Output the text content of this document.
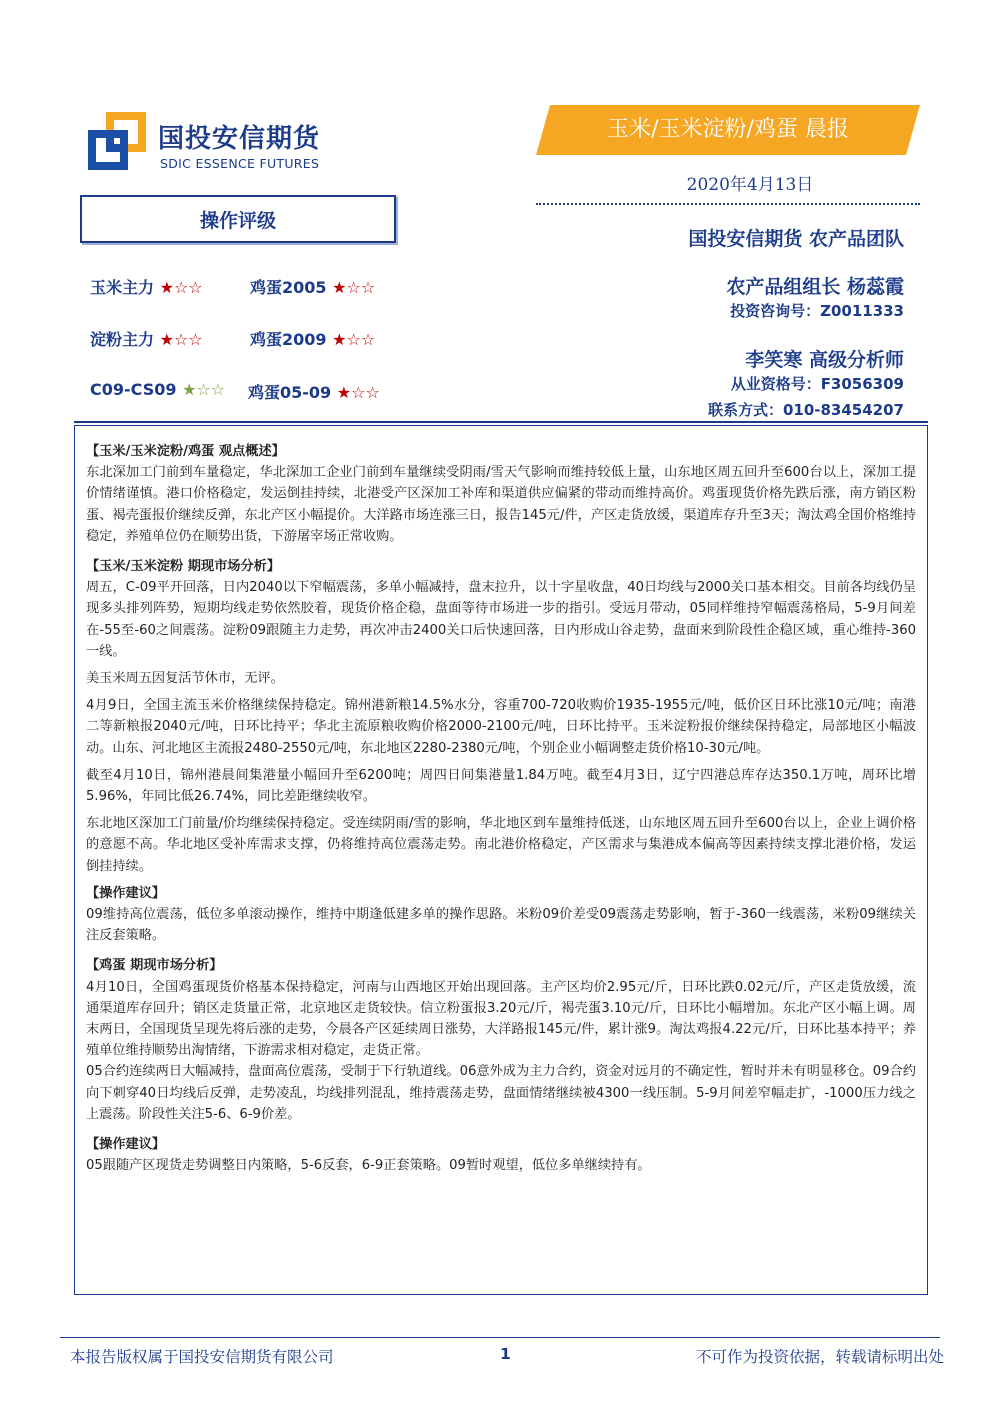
国投安信期货
SDIC ESSENCE FUTURES
玉米/玉米淀粉/鸡蛋 晨报
2020年4月13日
操作评级
玉米主力 ★☆☆	鸡蛋2005 ★☆☆
淀粉主力 ★☆☆	鸡蛋2009 ★☆☆
C09-CS09 ★☆☆ 鸡蛋05-09 ★☆☆
国投安信期货 农产品团队
农产品组组长 杨蕊霞
投资咨询号：Z0011333
李笑寒 高级分析师
从业资格号：F3056309
联系方式：010-83454207

【玉米/玉米淀粉/鸡蛋 观点概述】

东北深加工门前到车量稳定，华北深加工企业门前到车量继续受阴雨/雪天气影响而维持较低上量，山东地区周五回升至600台以上，深加工提价情绪谨慎。港口价格稳定，发运倒挂持续，北港受产区深加工补库和渠道供应偏紧的带动而维持高价。鸡蛋现货价格先跌后涨，南方销区粉蛋、褐壳蛋报价继续反弹，东北产区小幅提价。大洋路市场连涨三日，报告145元/件，产区走货放缓，渠道库存升至3天；淘汰鸡全国价格维持稳定，养殖单位仍在顺势出货，下游屠宰场正常收购。

【玉米/玉米淀粉 期现市场分析】

周五，C-09平开回落，日内2040以下窄幅震荡，多单小幅减持，盘末拉升，以十字星收盘，40日均线与2000关口基本相交。目前各均线仍呈现多头排列阵势，短期均线走势依然胶着，现货价格企稳，盘面等待市场进一步的指引。受远月带动，05同样维持窄幅震荡格局，5-9月间差在-55至-60之间震荡。淀粉09跟随主力走势，再次冲击2400关口后快速回落，日内形成山谷走势，盘面来到阶段性企稳区域，重心维持-360一线。

美玉米周五因复活节休市，无评。

4月9日，全国主流玉米价格继续保持稳定。锦州港新粮14.5%水分，容重700-720收购价1935-1955元/吨，低价区日环比涨10元/吨；南港二等新粮报2040元/吨，日环比持平；华北主流原粮收购价格2000-2100元/吨，日环比持平。玉米淀粉报价继续保持稳定，局部地区小幅波动。山东、河北地区主流报2480-2550元/吨，东北地区2280-2380元/吨，个别企业小幅调整走货价格10-30元/吨。

截至4月10日，锦州港晨间集港量小幅回升至6200吨；周四日间集港量1.84万吨。截至4月3日，辽宁四港总库存达350.1万吨，周环比增5.96%，年同比低26.74%，同比差距继续收窄。

东北地区深加工门前量/价均继续保持稳定。受连续阴雨/雪的影响，华北地区到车量维持低迷，山东地区周五回升至600台以上，企业上调价格的意愿不高。华北地区受补库需求支撑，仍将维持高位震荡走势。南北港价格稳定，产区需求与集港成本偏高等因素持续支撑北港价格，发运倒挂持续。

【操作建议】

09维持高位震荡，低位多单滚动操作，维持中期逢低建多单的操作思路。米粉09价差受09震荡走势影响，暂于-360一线震荡，米粉09继续关注反套策略。

【鸡蛋 期现市场分析】

4月10日，全国鸡蛋现货价格基本保持稳定，河南与山西地区开始出现回落。主产区均价2.95元/斤，日环比跌0.02元/斤，产区走货放缓，流通渠道库存回升；销区走货量正常，北京地区走货较快。信立粉蛋报3.20元/斤，褐壳蛋3.10元/斤，日环比小幅增加。东北产区小幅上调。周末两日，全国现货呈现先将后涨的走势，今晨各产区延续周日涨势，大洋路报145元/件，累计涨9。淘汰鸡报4.22元/斤，日环比基本持平；养殖单位维持顺势出淘情绪，下游需求相对稳定，走货正常。

05合约连续两日大幅减持，盘面高位震荡，受制于下行轨道线。06意外成为主力合约，资金对远月的不确定性，暂时并未有明显移仓。09合约向下刺穿40日均线后反弹，走势凌乱，均线排列混乱，维持震荡走势，盘面情绪继续被4300一线压制。5-9月间差窄幅走扩，-1000压力线之上震荡。阶段性关注5-6、6-9价差。

【操作建议】

05跟随产区现货走势调整日内策略，5-6反套，6-9正套策略。09暂时观望，低位多单继续持有。

本报告版权属于国投安信期货有限公司	1	不可作为投资依据，转载请标明出处
